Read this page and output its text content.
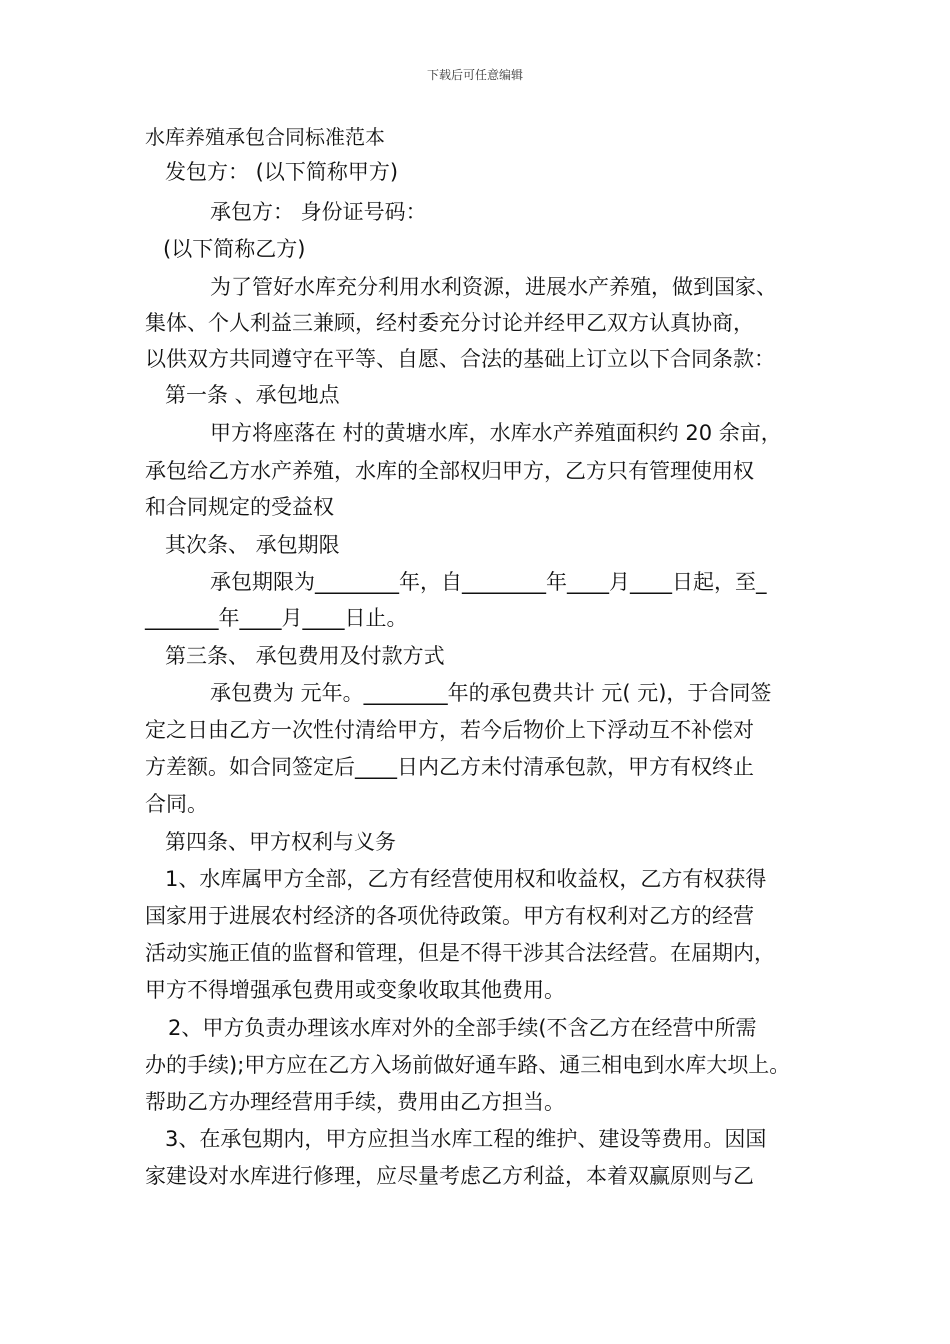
下载后可任意编辑
水库养殖承包合同标准范本
发包方： (以下简称甲方)
承包方： 身份证号码：
(以下简称乙方)
为了管好水库充分利用水利资源，进展水产养殖，做到国家、
集体、个人利益三兼顾，经村委充分讨论并经甲乙双方认真协商，
以供双方共同遵守在平等、自愿、合法的基础上订立以下合同条款：
第一条 、承包地点
甲方将座落在 村的黄塘水库，水库水产养殖面积约 20 余亩，
承包给乙方水产养殖，水库的全部权归甲方，乙方只有管理使用权
和合同规定的受益权
其次条、 承包期限
承包期限为________年，自________年____月____日起，至_
_______年____月____日止。
第三条、 承包费用及付款方式
承包费为 元年。________年的承包费共计 元( 元)，于合同签
定之日由乙方一次性付清给甲方，若今后物价上下浮动互不补偿对
方差额。如合同签定后____日内乙方未付清承包款，甲方有权终止
合同。
第四条、甲方权利与义务
1、水库属甲方全部，乙方有经营使用权和收益权，乙方有权获得
国家用于进展农村经济的各项优待政策。甲方有权利对乙方的经营
活动实施正值的监督和管理，但是不得干涉其合法经营。在届期内，
甲方不得增强承包费用或变象收取其他费用。
2、甲方负责办理该水库对外的全部手续(不含乙方在经营中所需
办的手续);甲方应在乙方入场前做好通车路、通三相电到水库大坝上。
帮助乙方办理经营用手续，费用由乙方担当。
3、在承包期内，甲方应担当水库工程的维护、建设等费用。因国
家建设对水库进行修理，应尽量考虑乙方利益，本着双赢原则与乙
